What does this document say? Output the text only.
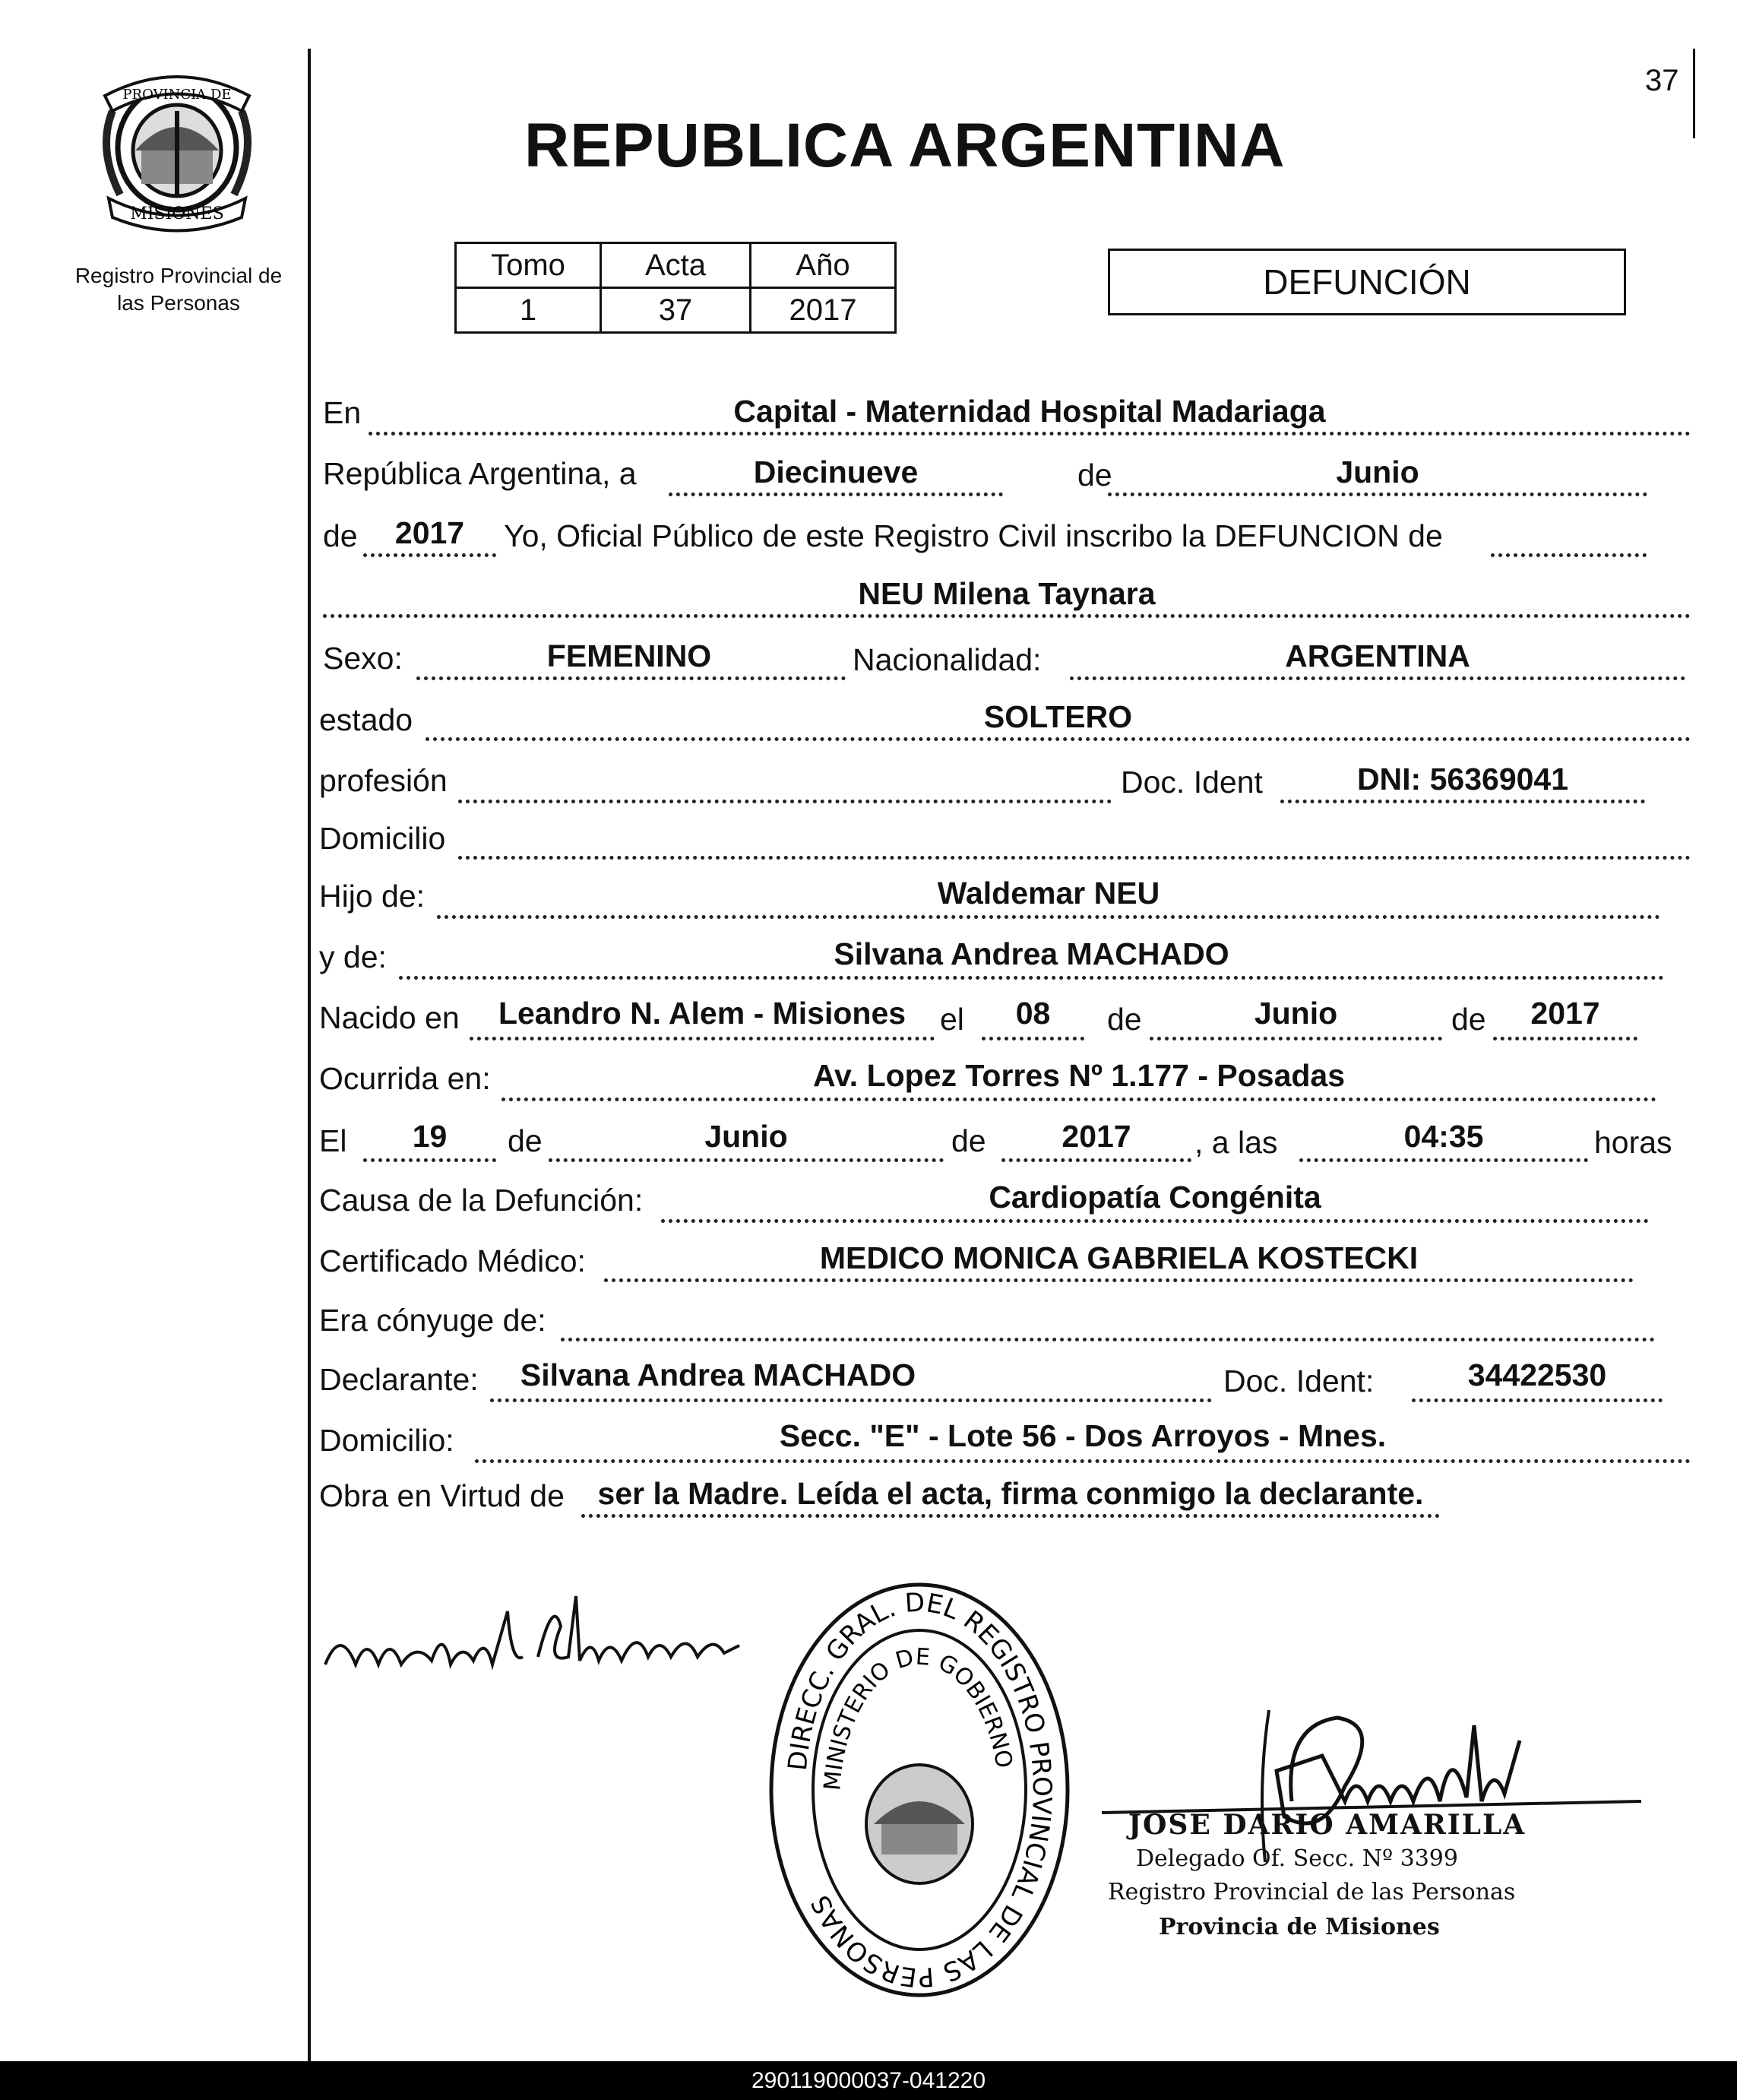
37
PROVINCIA DE
MISIONES
Registro Provincial de
las Personas
REPUBLICA ARGENTINA
Tomo	Acta	Año
1	37	2017
DEFUNCIÓN
En	Capital - Maternidad Hospital Madariaga
República Argentina, a	Diecinueve	de	Junio
de	2017	Yo, Oficial Público de este Registro Civil inscribo la DEFUNCION de
NEU Milena Taynara
Sexo:	FEMENINO	Nacionalidad:	ARGENTINA
estado	SOLTERO
profesión	Doc. Ident	DNI: 56369041
Domicilio
Hijo de:	Waldemar NEU
y de:	Silvana Andrea MACHADO
Nacido en	Leandro N. Alem - Misiones	el	08	de	Junio	de	2017
Ocurrida en:	Av. Lopez Torres Nº 1.177 - Posadas
El	19	de	Junio	de	2017	, a las	04:35	horas
Causa de la Defunción:	Cardiopatía Congénita
Certificado Médico:	MEDICO MONICA GABRIELA KOSTECKI
Era cónyuge de:
Declarante:	Silvana Andrea MACHADO	Doc. Ident:	34422530
Domicilio:	Secc. "E" - Lote 56 - Dos Arroyos - Mnes.
Obra en Virtud de	ser la Madre. Leída el acta, firma conmigo la declarante.
DIRECC. GRAL. DEL REGISTRO PROVINCIAL DE LAS PERSONAS
MINISTERIO DE GOBIERNO
JOSE DARIO AMARILLA
Delegado Of. Secc. Nº 3399
Registro Provincial de las Personas
Provincia de Misiones
290119000037-041220
